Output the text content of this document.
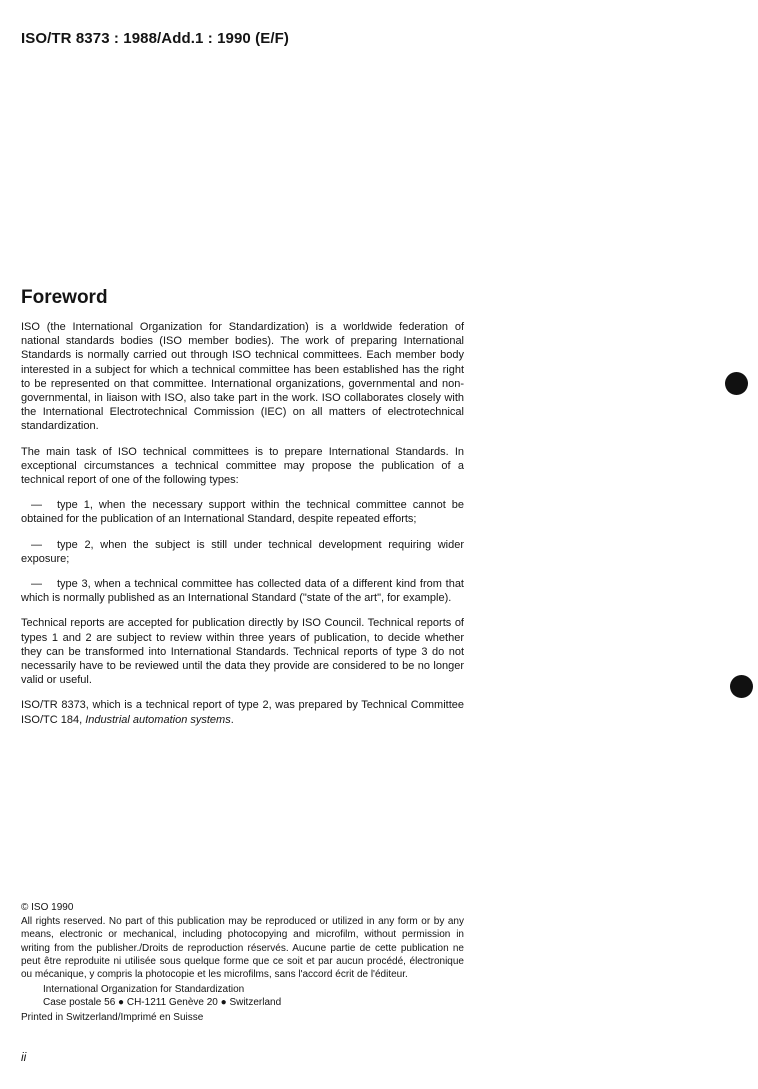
ISO/TR 8373 : 1988/Add.1 : 1990 (E/F)
Foreword

ISO (the International Organization for Standardization) is a worldwide federation of national standards bodies (ISO member bodies). The work of preparing International Standards is normally carried out through ISO technical committees. Each member body interested in a subject for which a technical committee has been established has the right to be represented on that committee. International organizations, governmental and non-governmental, in liaison with ISO, also take part in the work. ISO collaborates closely with the International Electrotechnical Commission (IEC) on all matters of electrotechnical standardization.

The main task of ISO technical committees is to prepare International Standards. In exceptional circumstances a technical committee may propose the publication of a technical report of one of the following types:

— type 1, when the necessary support within the technical committee cannot be obtained for the publication of an International Standard, despite repeated efforts;

— type 2, when the subject is still under technical development requiring wider exposure;

— type 3, when a technical committee has collected data of a different kind from that which is normally published as an International Standard ("state of the art", for example).

Technical reports are accepted for publication directly by ISO Council. Technical reports of types 1 and 2 are subject to review within three years of publication, to decide whether they can be transformed into International Standards. Technical reports of type 3 do not necessarily have to be reviewed until the data they provide are considered to be no longer valid or useful.

ISO/TR 8373, which is a technical report of type 2, was prepared by Technical Committee ISO/TC 184, Industrial automation systems.

© ISO 1990

All rights reserved. No part of this publication may be reproduced or utilized in any form or by any means, electronic or mechanical, including photocopying and microfilm, without permission in writing from the publisher./Droits de reproduction réservés. Aucune partie de cette publication ne peut être reproduite ni utilisée sous quelque forme que ce soit et par aucun procédé, électronique ou mécanique, y compris la photocopie et les microfilms, sans l'accord écrit de l'éditeur.

International Organization for Standardization
Case postale 56 ● CH-1211 Genève 20 ● Switzerland

Printed in Switzerland/Imprimé en Suisse

ii
